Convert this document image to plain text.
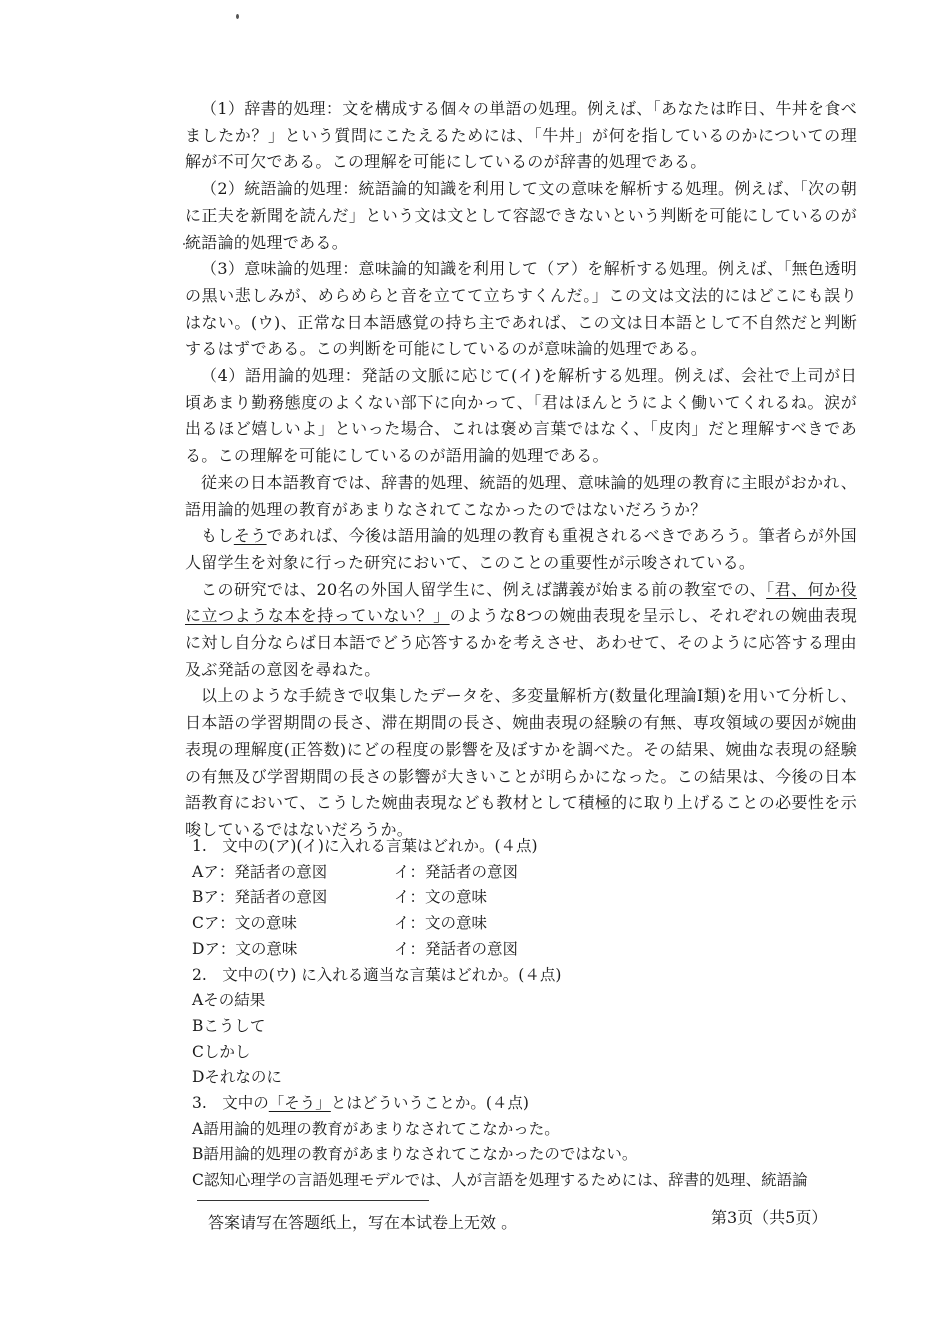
（1）辞書的処理：文を構成する個々の単語の処理。例えば、「あなたは昨日、牛丼を食べましたか？」という質問にこたえるためには、「牛丼」が何を指しているのかについての理解が不可欠である。この理解を可能にしているのが辞書的処理である。

（2）統語論的処理：統語論的知識を利用して文の意味を解析する処理。例えば、「次の朝に正夫を新聞を読んだ」という文は文として容認できないという判断を可能にしているのが統語論的処理である。

（3）意味論的処理：意味論的知識を利用して（ア）を解析する処理。例えば、「無色透明の黒い悲しみが、めらめらと音を立てて立ちすくんだ。」この文は文法的にはどこにも誤りはない。(ウ)、正常な日本語感覚の持ち主であれば、この文は日本語として不自然だと判断するはずである。この判断を可能にしているのが意味論的処理である。

（4）語用論的処理：発話の文脈に応じて(イ)を解析する処理。例えば、会社で上司が日頃あまり勤務態度のよくない部下に向かって、「君はほんとうによく働いてくれるね。涙が出るほど嬉しいよ」といった場合、これは褒め言葉ではなく、「皮肉」だと理解すべきである。この理解を可能にしているのが語用論的処理である。

従来の日本語教育では、辞書的処理、統語的処理、意味論的処理の教育に主眼がおかれ、語用論的処理の教育があまりなされてこなかったのではないだろうか？

もしそうであれば、今後は語用論的処理の教育も重視されるべきであろう。筆者らが外国人留学生を対象に行った研究において、このことの重要性が示唆されている。

この研究では、20名の外国人留学生に、例えば講義が始まる前の教室での、「君、何か役に立つような本を持っていない？」のような8つの婉曲表現を呈示し、それぞれの婉曲表現に対し自分ならば日本語でどう応答するかを考えさせ、あわせて、そのように応答する理由及ぶ発話の意図を尋ねた。

以上のような手続きで収集したデータを、多変量解析方(数量化理論Ⅰ類)を用いて分析し、日本語の学習期間の長さ、滞在期間の長さ、婉曲表現の経験の有無、専攻領域の要因が婉曲表現の理解度(正答数)にどの程度の影響を及ぼすかを調べた。その結果、婉曲な表現の経験の有無及び学習期間の長さの影響が大きいことが明らかになった。この結果は、今後の日本語教育において、こうした婉曲表現なども教材として積極的に取り上げることの必要性を示唆しているではないだろうか。

1.　文中の(ア)(イ)に入れる言葉はどれか。(４点)
Aア：発話者の意図	イ：発話者の意図
Bア：発話者の意図	イ：文の意味
Cア：文の意味	イ：文の意味
Dア：文の意味	イ：発話者の意図
2.　文中の(ウ) に入れる適当な言葉はどれか。(４点)
Aその結果
Bこうして
Cしかし
Dそれなのに
3.　文中の「そう」とはどういうことか。(４点)
A語用論的処理の教育があまりなされてこなかった。
B語用論的処理の教育があまりなされてこなかったのではない。
C認知心理学の言語処理モデルでは、人が言語を処理するためには、辞書的処理、統語論
答案请写在答题纸上，写在本试卷上无效 。	第3页（共5页）
